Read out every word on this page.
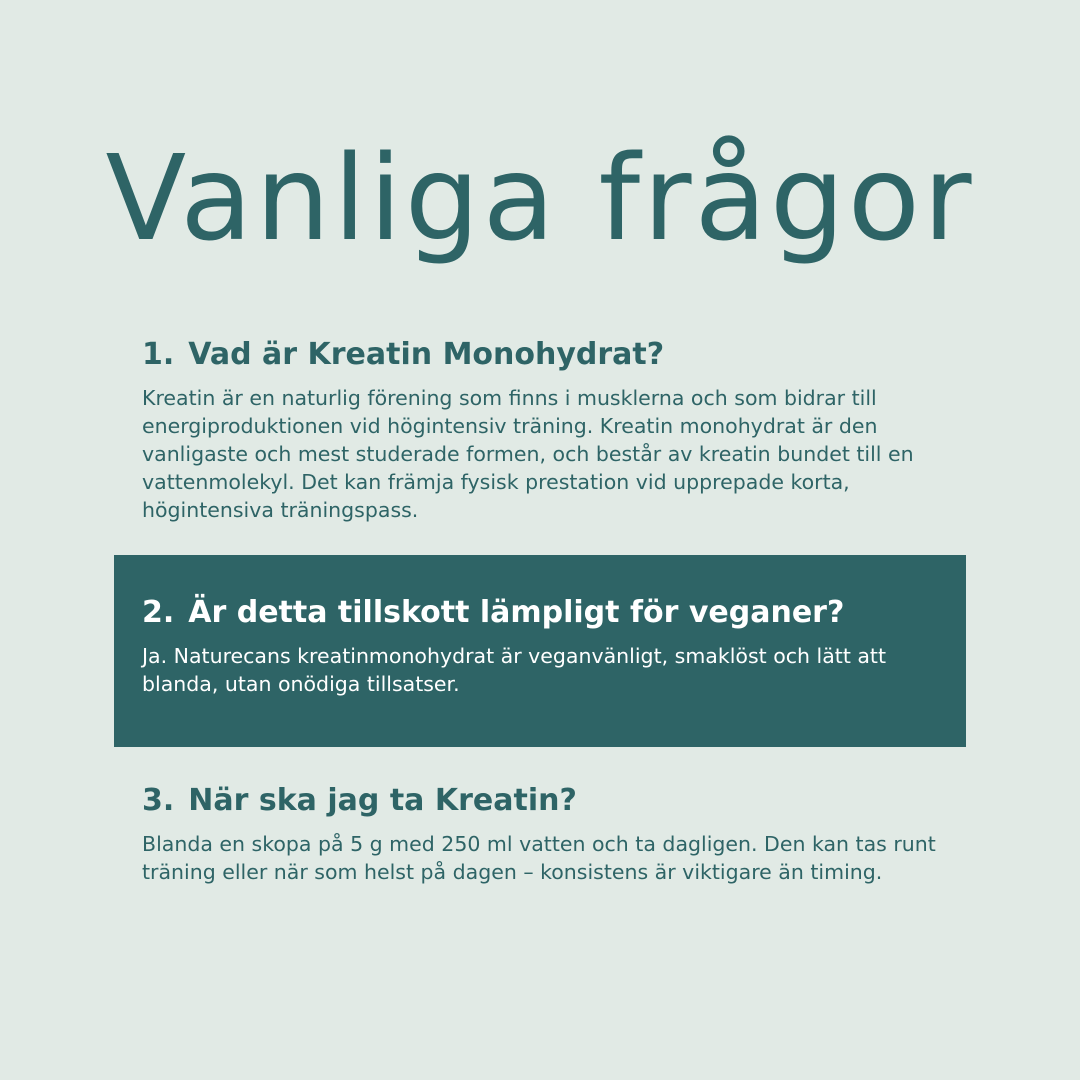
Vanliga frågor
1. Vad är Kreatin Monohydrat?

Kreatin är en naturlig förening som finns i musklerna och som bidrar till energiproduktionen vid högintensiv träning. Kreatin monohydrat är den vanligaste och mest studerade formen, och består av kreatin bundet till en vattenmolekyl. Det kan främja fysisk prestation vid upprepade korta, högintensiva träningspass.

2. Är detta tillskott lämpligt för veganer?

Ja. Naturecans kreatinmonohydrat är veganvänligt, smaklöst och lätt att blanda, utan onödiga tillsatser.

3. När ska jag ta Kreatin?

Blanda en skopa på 5 g med 250 ml vatten och ta dagligen. Den kan tas runt träning eller när som helst på dagen – konsistens är viktigare än timing.
